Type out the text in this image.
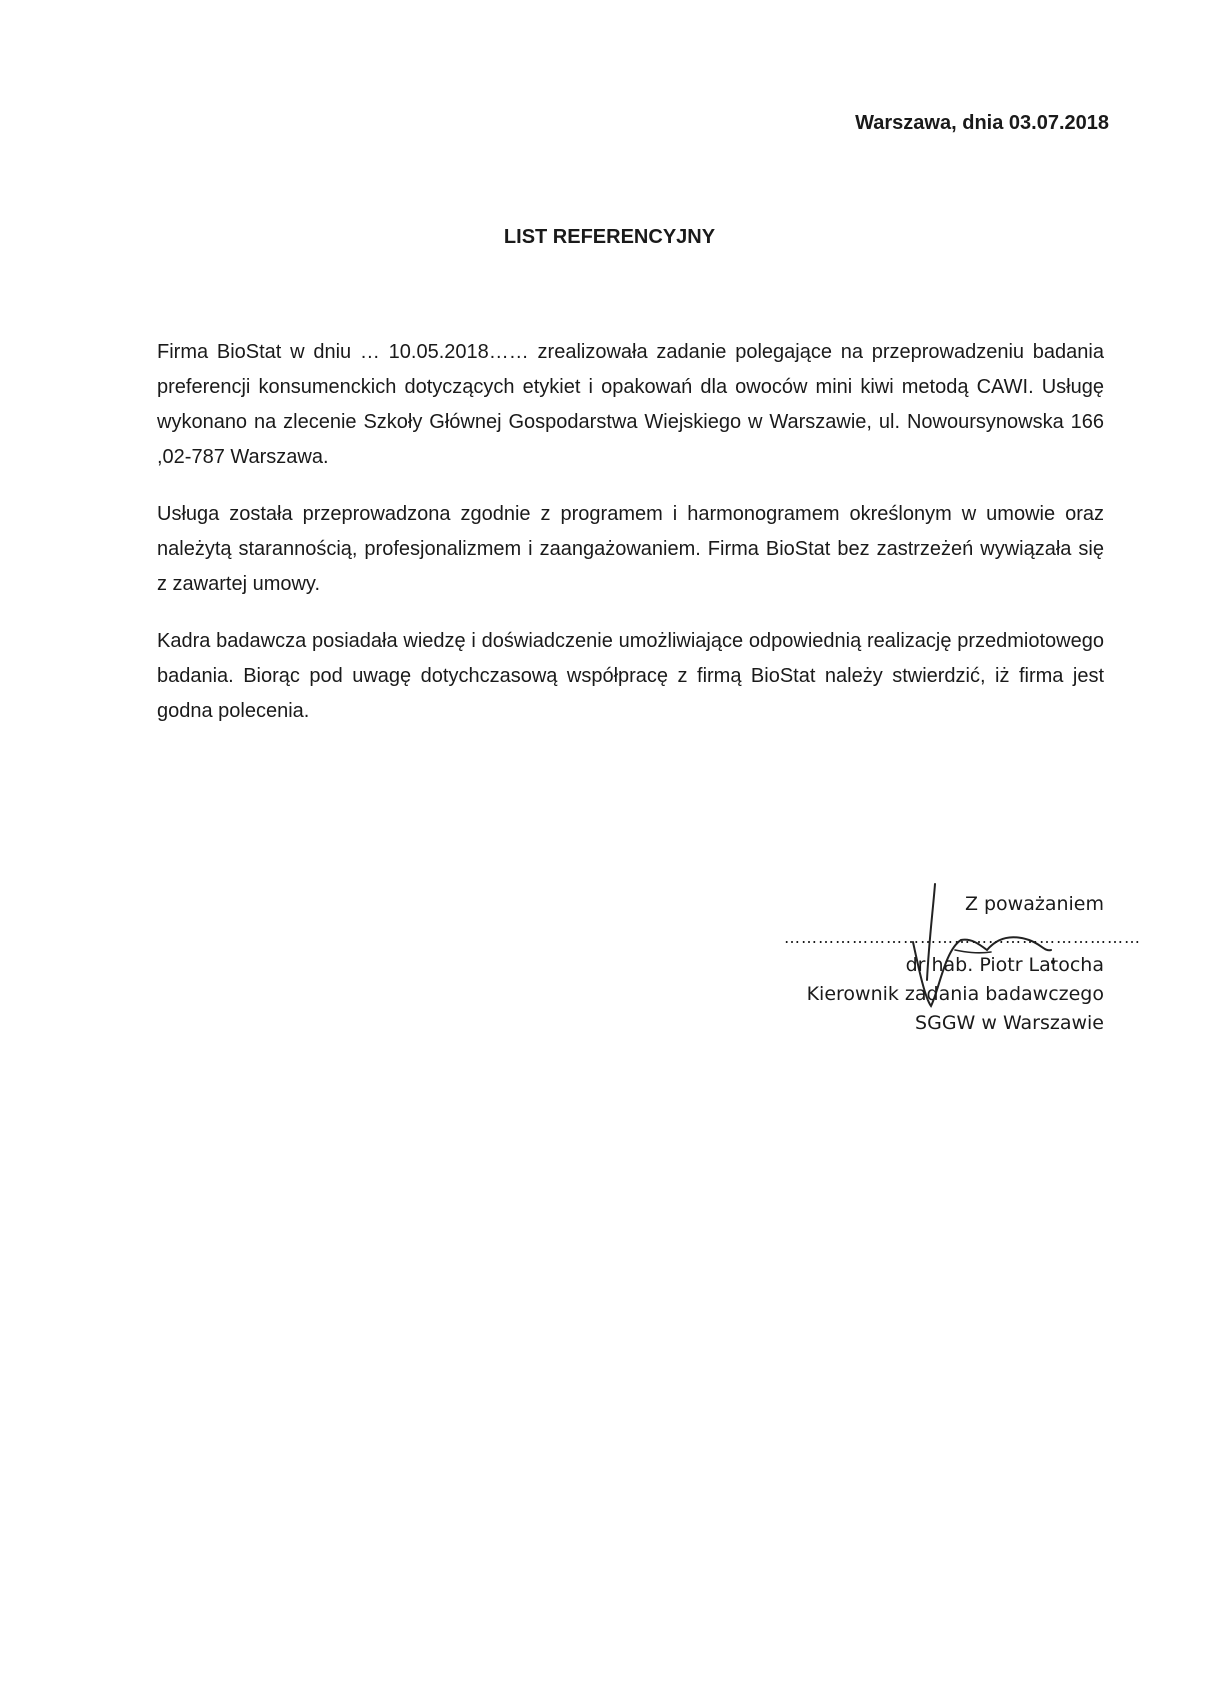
Warszawa, dnia 03.07.2018

LIST REFERENCYJNY

Firma BioStat w dniu … 10.05.2018…… zrealizowała zadanie polegające na przeprowadzeniu badania preferencji konsumenckich dotyczących etykiet i opakowań dla owoców mini kiwi metodą CAWI. Usługę wykonano na zlecenie Szkoły Głównej Gospodarstwa Wiejskiego w Warszawie, ul. Nowoursynowska 166 ,02-787 Warszawa.

Usługa została przeprowadzona zgodnie z programem i harmonogramem określonym w umowie oraz należytą starannością, profesjonalizmem i zaangażowaniem. Firma BioStat bez zastrzeżeń wywiązała się z zawartej umowy.

Kadra badawcza posiadała wiedzę i doświadczenie umożliwiające odpowiednią realizację przedmiotowego badania. Biorąc pod uwagę dotychczasową współpracę z firmą BioStat należy stwierdzić, iż firma jest godna polecenia.

Z poważaniem
………………………………………………………
dr hab. Piotr Latocha
Kierownik zadania badawczego
SGGW w Warszawie
